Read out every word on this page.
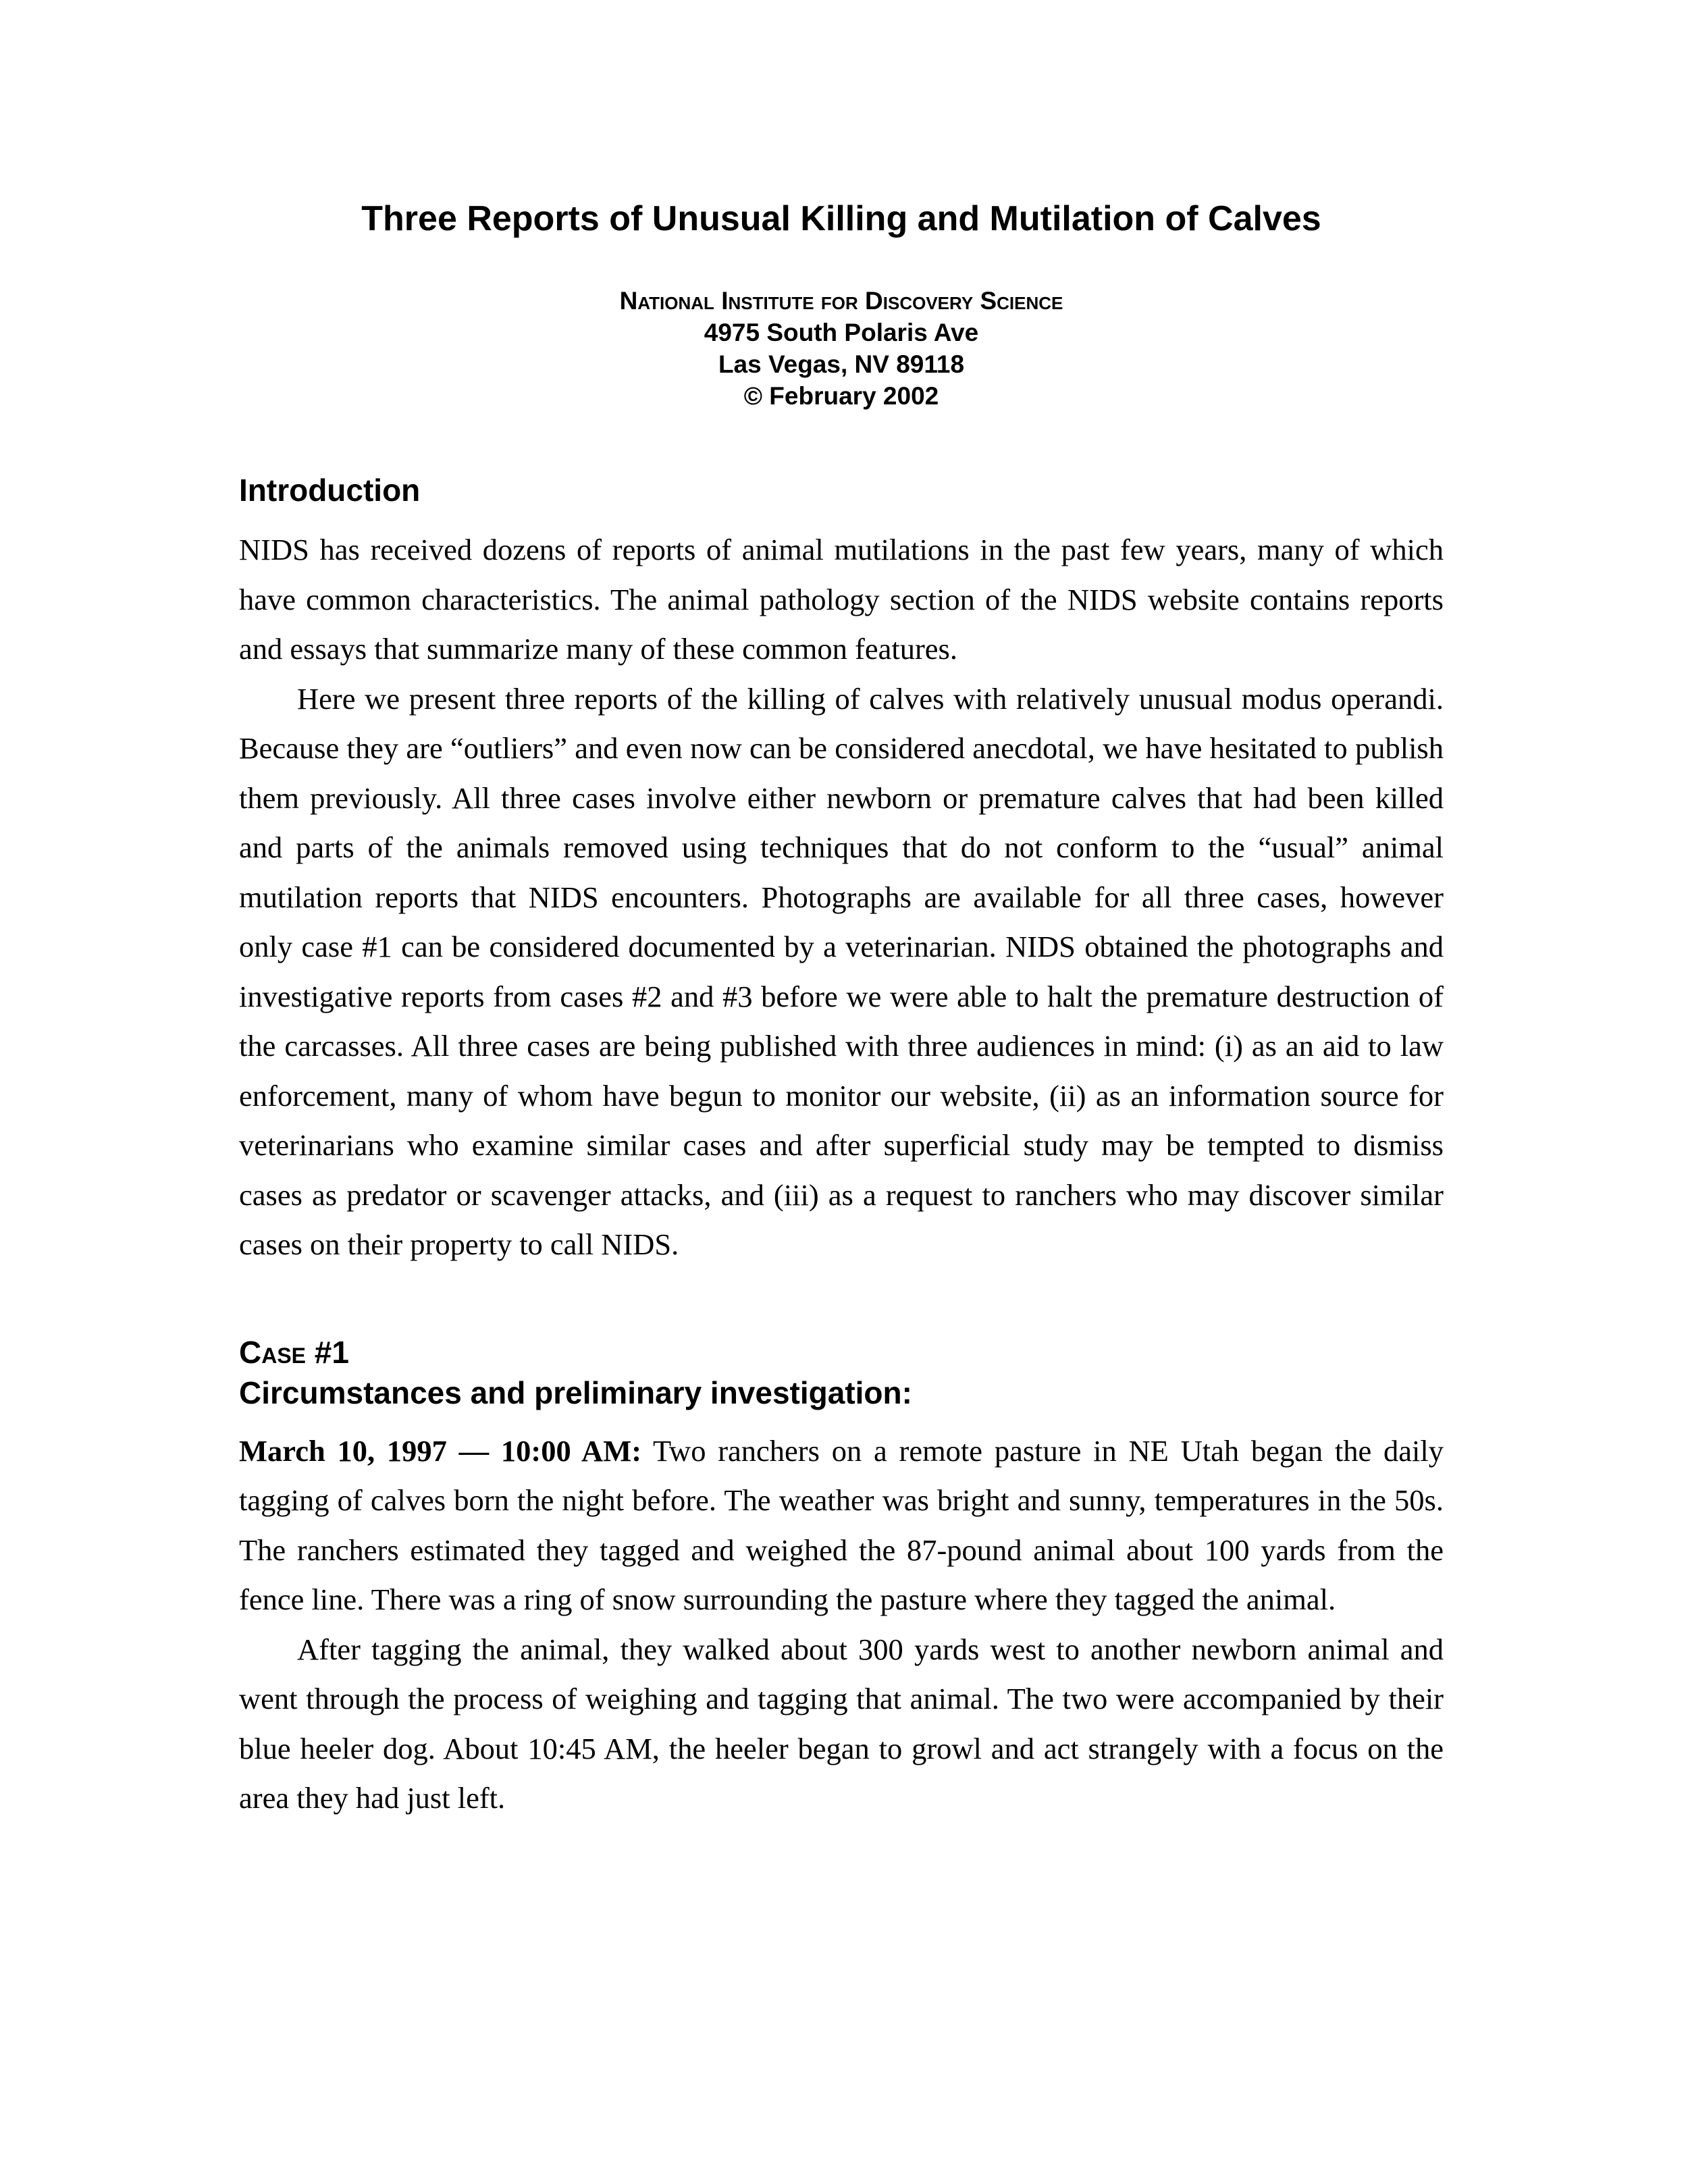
Three Reports of Unusual Killing and Mutilation of Calves
National Institute for Discovery Science
4975 South Polaris Ave
Las Vegas, NV 89118
© February 2002
Introduction

NIDS has received dozens of reports of animal mutilations in the past few years, many of which have common characteristics. The animal pathology section of the NIDS website contains reports and essays that summarize many of these common features.

Here we present three reports of the killing of calves with relatively unusual modus operandi. Because they are “outliers” and even now can be considered anecdotal, we have hesitated to publish them previously. All three cases involve either newborn or premature calves that had been killed and parts of the animals removed using techniques that do not conform to the “usual” animal mutilation reports that NIDS encounters. Photographs are available for all three cases, however only case #1 can be considered documented by a veterinarian. NIDS obtained the photographs and investigative reports from cases #2 and #3 before we were able to halt the premature destruction of the carcasses. All three cases are being published with three audiences in mind: (i) as an aid to law enforcement, many of whom have begun to monitor our website, (ii) as an information source for veterinarians who examine similar cases and after superficial study may be tempted to dismiss cases as predator or scavenger attacks, and (iii) as a request to ranchers who may discover similar cases on their property to call NIDS.

Case #1
Circumstances and preliminary investigation:

March 10, 1997 — 10:00 AM: Two ranchers on a remote pasture in NE Utah began the daily tagging of calves born the night before. The weather was bright and sunny, temperatures in the 50s. The ranchers estimated they tagged and weighed the 87-pound animal about 100 yards from the fence line. There was a ring of snow surrounding the pasture where they tagged the animal.

After tagging the animal, they walked about 300 yards west to another newborn animal and went through the process of weighing and tagging that animal. The two were accompanied by their blue heeler dog. About 10:45 AM, the heeler began to growl and act strangely with a focus on the area they had just left.
